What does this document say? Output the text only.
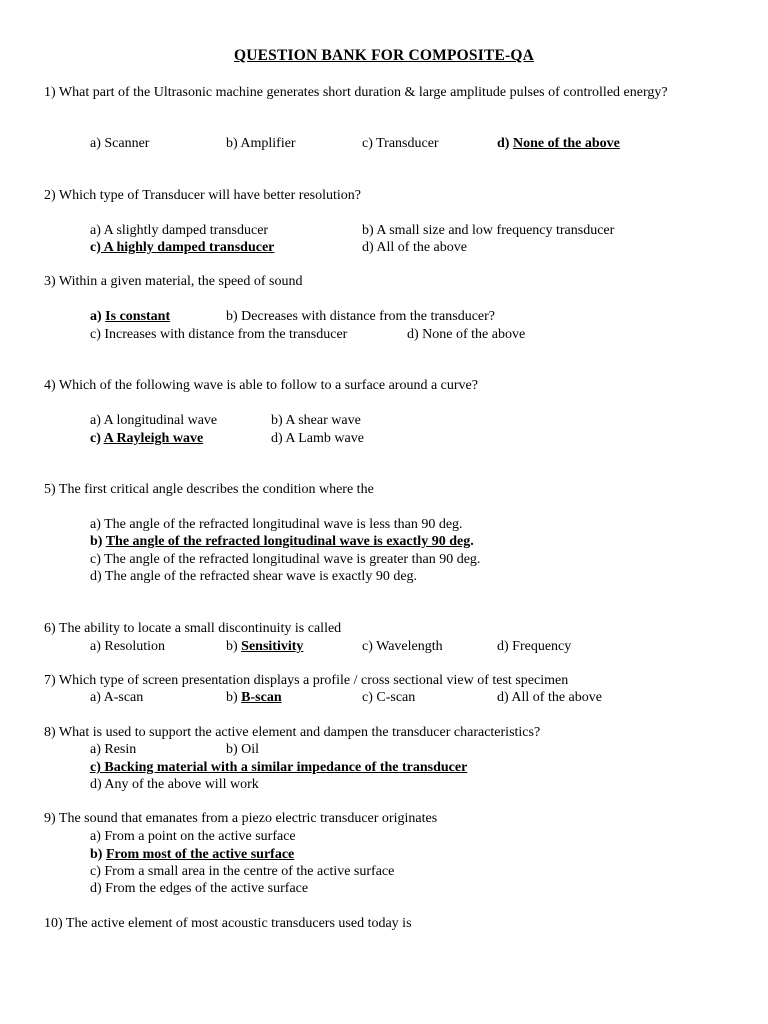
QUESTION BANK FOR COMPOSITE-QA
1) What part of the Ultrasonic machine generates short duration & large amplitude pulses of controlled energy?
a) Scanner	b) Amplifier	c) Transducer	d) None of the above
2) Which type of Transducer will have better resolution?
a) A slightly damped transducer	b) A small size and low frequency transducer
c) A highly damped transducer	d) All of the above
3) Within a given material, the speed of sound
a) Is constant	b) Decreases with distance from the transducer?
c) Increases with distance from the transducer	d) None of the above
4) Which of the following wave is able to follow to a surface around a curve?
a) A longitudinal wave	b) A shear wave
c) A Rayleigh wave	d) A Lamb wave
5) The first critical angle describes the condition where the
a) The angle of the refracted longitudinal wave is less than 90 deg.
b) The angle of the refracted longitudinal wave is exactly 90 deg.
c) The angle of the refracted longitudinal wave is greater than 90 deg.
d) The angle of the refracted shear wave is exactly 90 deg.
6) The ability to locate a small discontinuity is called
a) Resolution	b) Sensitivity	c) Wavelength	d) Frequency
7) Which type of screen presentation displays a profile / cross sectional view of test specimen
a) A-scan	b) B-scan	c) C-scan	d) All of the above
8) What is used to support the active element and dampen the transducer characteristics?
a) Resin	b) Oil
c) Backing material with a similar impedance of the transducer
d) Any of the above will work
9) The sound that emanates from a piezo electric transducer originates
a) From a point on the active surface
b) From most of the active surface
c) From a small area in the centre of the active surface
d) From the edges of the active surface
10) The active element of most acoustic transducers used today is
